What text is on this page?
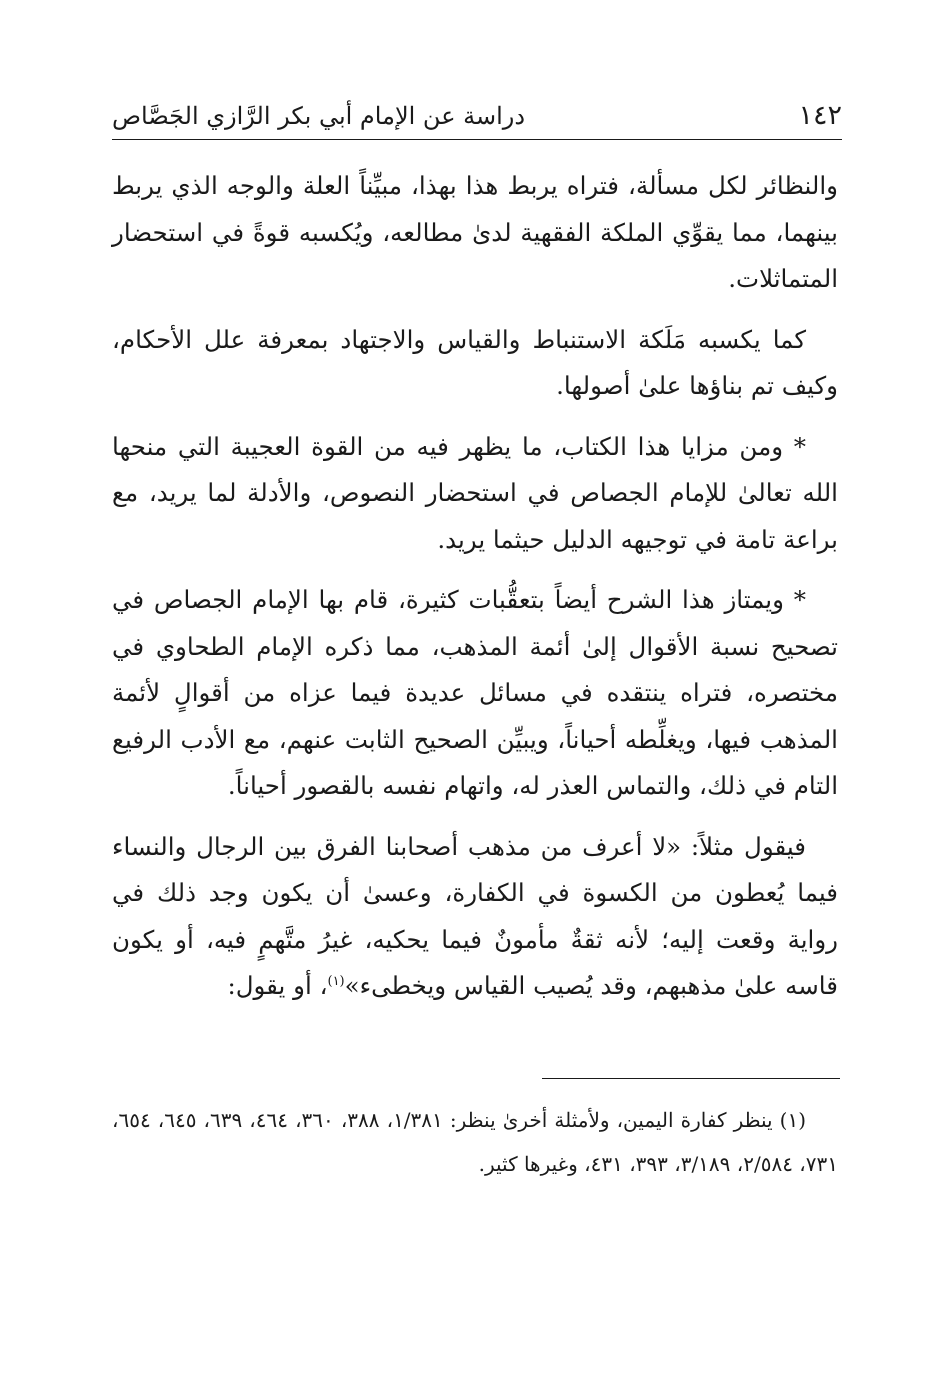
١٤٢
دراسة عن الإمام أبي بكر الرَّازي الجَصَّاص

والنظائر لكل مسألة، فتراه يربط هذا بهذا، مبيِّناً العلة والوجه الذي يربط بينهما، مما يقوِّي الملكة الفقهية لدىٰ مطالعه، ويُكسبه قوةً في استحضار المتماثلات.

كما يكسبه مَلَكة الاستنباط والقياس والاجتهاد بمعرفة علل الأحكام، وكيف تم بناؤها علىٰ أصولها.

* ومن مزايا هذا الكتاب، ما يظهر فيه من القوة العجيبة التي منحها الله تعالىٰ للإمام الجصاص في استحضار النصوص، والأدلة لما يريد، مع براعة تامة في توجيهه الدليل حيثما يريد.

* ويمتاز هذا الشرح أيضاً بتعقُّبات كثيرة، قام بها الإمام الجصاص في تصحيح نسبة الأقوال إلىٰ أئمة المذهب، مما ذكره الإمام الطحاوي في مختصره، فتراه ينتقده في مسائل عديدة فيما عزاه من أقوالٍ لأئمة المذهب فيها، ويغلِّطه أحياناً، ويبيِّن الصحيح الثابت عنهم، مع الأدب الرفيع التام في ذلك، والتماس العذر له، واتهام نفسه بالقصور أحياناً.

فيقول مثلاً: «لا أعرف من مذهب أصحابنا الفرق بين الرجال والنساء فيما يُعطون من الكسوة في الكفارة، وعسىٰ أن يكون وجد ذلك في رواية وقعت إليه؛ لأنه ثقةٌ مأمونٌ فيما يحكيه، غيرُ متَّهمٍ فيه، أو يكون قاسه علىٰ مذهبهم، وقد يُصيب القياس ويخطىء»$^{(١)}$، أو يقول:

(١) ينظر كفارة اليمين، ولأمثلة أخرىٰ ينظر: ١/٣٨١، ٣٨٨، ٣٦٠، ٤٦٤، ٦٣٩، ٦٤٥، ٦٥٤، ٧٣١، ٢/٥٨٤، ٣/١٨٩، ٣٩٣، ٤٣١، وغيرها كثير.
